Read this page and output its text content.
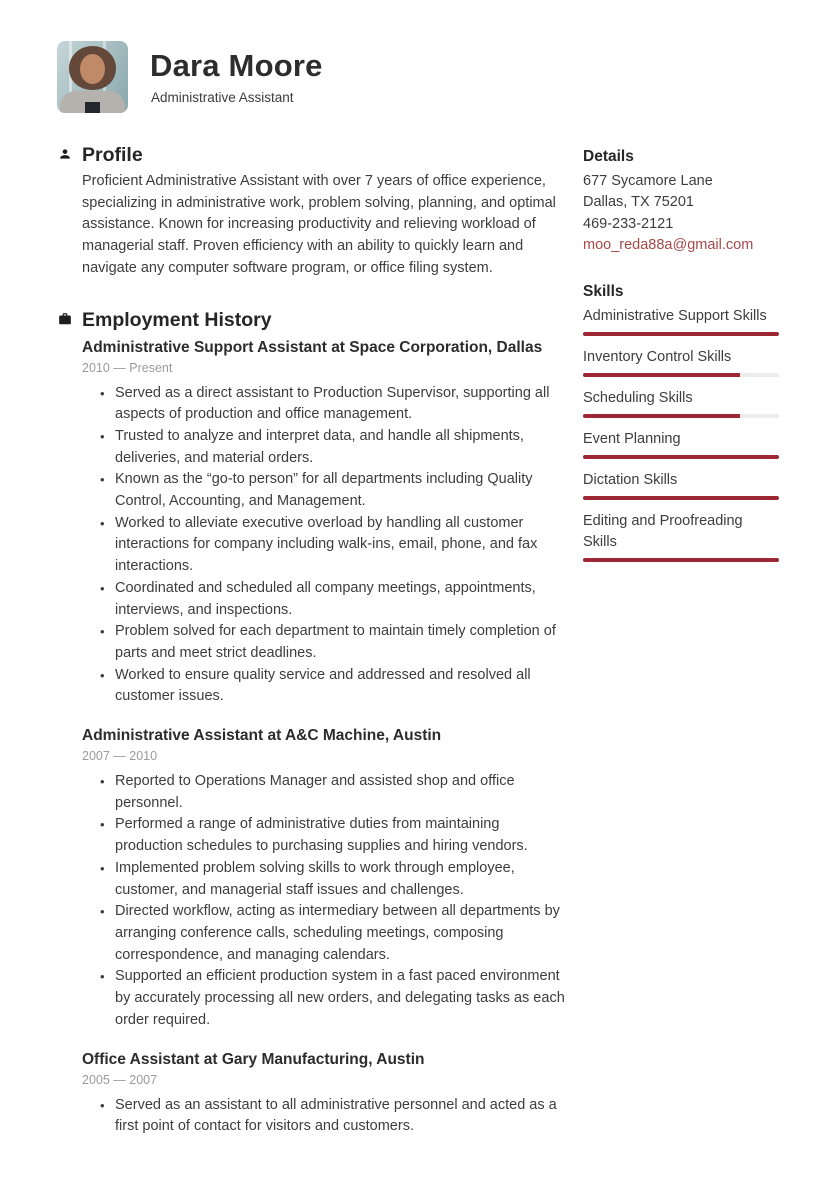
Dara Moore
Administrative Assistant
Profile

Proficient Administrative Assistant with over 7 years of office experience, specializing in administrative work, problem solving, planning, and optimal assistance. Known for increasing productivity and relieving workload of managerial staff. Proven efficiency with an ability to quickly learn and navigate any computer software program, or office filing system.

Employment History
Administrative Support Assistant at Space Corporation, Dallas
2010 — Present
• Served as a direct assistant to Production Supervisor, supporting all aspects of production and office management.
• Trusted to analyze and interpret data, and handle all shipments, deliveries, and material orders.
• Known as the “go-to person” for all departments including Quality Control, Accounting, and Management.
• Worked to alleviate executive overload by handling all customer interactions for company including walk-ins, email, phone, and fax interactions.
• Coordinated and scheduled all company meetings, appointments, interviews, and inspections.
• Problem solved for each department to maintain timely completion of parts and meet strict deadlines.
• Worked to ensure quality service and addressed and resolved all customer issues.
Administrative Assistant at A&C Machine, Austin
2007 — 2010
• Reported to Operations Manager and assisted shop and office personnel.
• Performed a range of administrative duties from maintaining production schedules to purchasing supplies and hiring vendors.
• Implemented problem solving skills to work through employee, customer, and managerial staff issues and challenges.
• Directed workflow, acting as intermediary between all departments by arranging conference calls, scheduling meetings, composing correspondence, and managing calendars.
• Supported an efficient production system in a fast paced environment by accurately processing all new orders, and delegating tasks as each order required.
Office Assistant at Gary Manufacturing, Austin
2005 — 2007
• Served as an assistant to all administrative personnel and acted as a first point of contact for visitors and customers.
Details
677 Sycamore Lane
Dallas, TX 75201
469-233-2121
moo_reda88a@gmail.com
Skills
Administrative Support Skills
Inventory Control Skills
Scheduling Skills
Event Planning
Dictation Skills
Editing and Proofreading Skills
